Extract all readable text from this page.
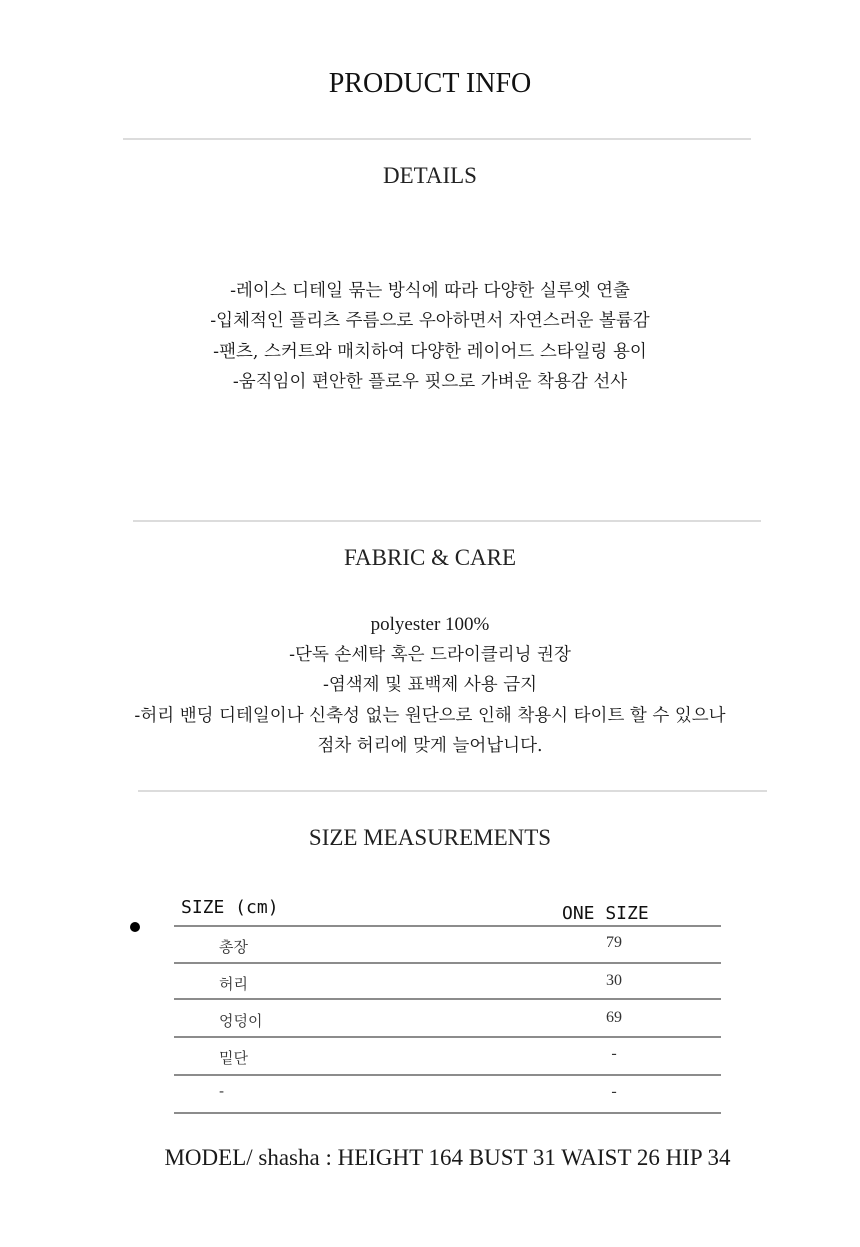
PRODUCT INFO
DETAILS
-레이스 디테일 묶는 방식에 따라 다양한 실루엣 연출
-입체적인 플리츠 주름으로 우아하면서 자연스러운 볼륨감
-팬츠, 스커트와 매치하여 다양한 레이어드 스타일링 용이
-움직임이 편안한 플로우 핏으로 가벼운 착용감 선사
FABRIC & CARE
polyester 100%
-단독 손세탁 혹은 드라이클리닝 권장
-염색제 및 표백제 사용 금지
-허리 밴딩 디테일이나 신축성 없는 원단으로 인해 착용시 타이트 할 수 있으나
점차 허리에 맞게 늘어납니다.
SIZE MEASUREMENTS
SIZE (cm)	ONE SIZE
총장	79
허리	30
엉덩이	69
밑단	-
-	-
MODEL/ shasha : HEIGHT 164 BUST 31 WAIST 26 HIP 34
